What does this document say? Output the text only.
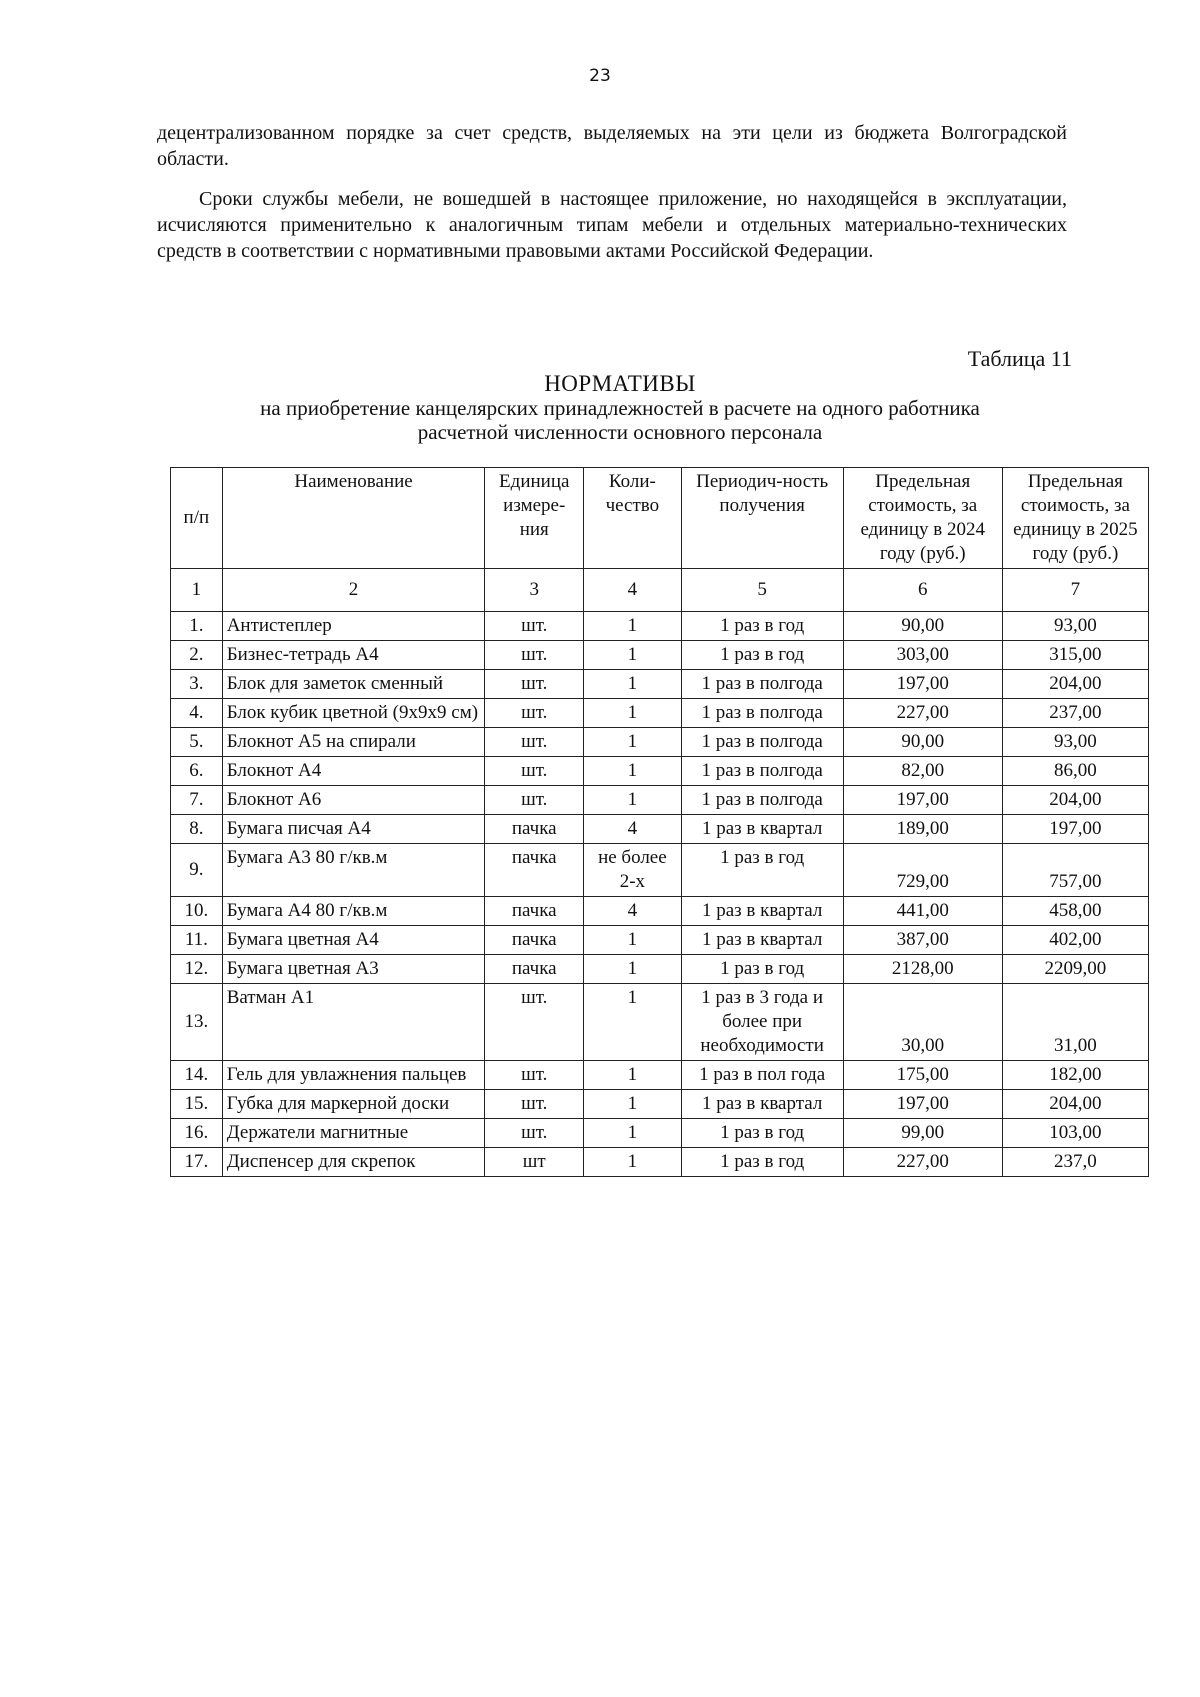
23

децентрализованном порядке за счет средств, выделяемых на эти цели из бюджета Волгоградской области.

Сроки службы мебели, не вошедшей в настоящее приложение, но находящейся в эксплуатации, исчисляются применительно к аналогичным типам мебели и отдельных материально-технических средств в соответствии с нормативными правовыми актами Российской Федерации.

Таблица 11
НОРМАТИВЫ
на приобретение канцелярских принадлежностей в расчете на одного работника
расчетной численности основного персонала
п/п	Наименование	Единица измере-ния	Коли-чество	Периодич-ность получения	Предельная стоимость, за единицу в 2024 году (руб.)	Предельная стоимость, за единицу в 2025 году (руб.)
1	2	3	4	5	6	7
1.	Антистеплер	шт.	1	1 раз в год	90,00	93,00
2.	Бизнес-тетрадь А4	шт.	1	1 раз в год	303,00	315,00
3.	Блок для заметок сменный	шт.	1	1 раз в полгода	197,00	204,00
4.	Блок кубик цветной (9х9х9 см)	шт.	1	1 раз в полгода	227,00	237,00
5.	Блокнот А5 на спирали	шт.	1	1 раз в полгода	90,00	93,00
6.	Блокнот А4	шт.	1	1 раз в полгода	82,00	86,00
7.	Блокнот А6	шт.	1	1 раз в полгода	197,00	204,00
8.	Бумага писчая А4	пачка	4	1 раз в квартал	189,00	197,00
9.	Бумага А3 80 г/кв.м	пачка	не более 2-х	1 раз в год	729,00	757,00
10.	Бумага А4 80 г/кв.м	пачка	4	1 раз в квартал	441,00	458,00
11.	Бумага цветная А4	пачка	1	1 раз в квартал	387,00	402,00
12.	Бумага цветная А3	пачка	1	1 раз в год	2128,00	2209,00
13.	Ватман А1	шт.	1	1 раз в 3 года и более при необходимости	30,00	31,00
14.	Гель для увлажнения пальцев	шт.	1	1 раз в пол года	175,00	182,00
15.	Губка для маркерной доски	шт.	1	1 раз в квартал	197,00	204,00
16.	Держатели магнитные	шт.	1	1 раз в год	99,00	103,00
17.	Диспенсер для скрепок	шт	1	1 раз в год	227,00	237,0
